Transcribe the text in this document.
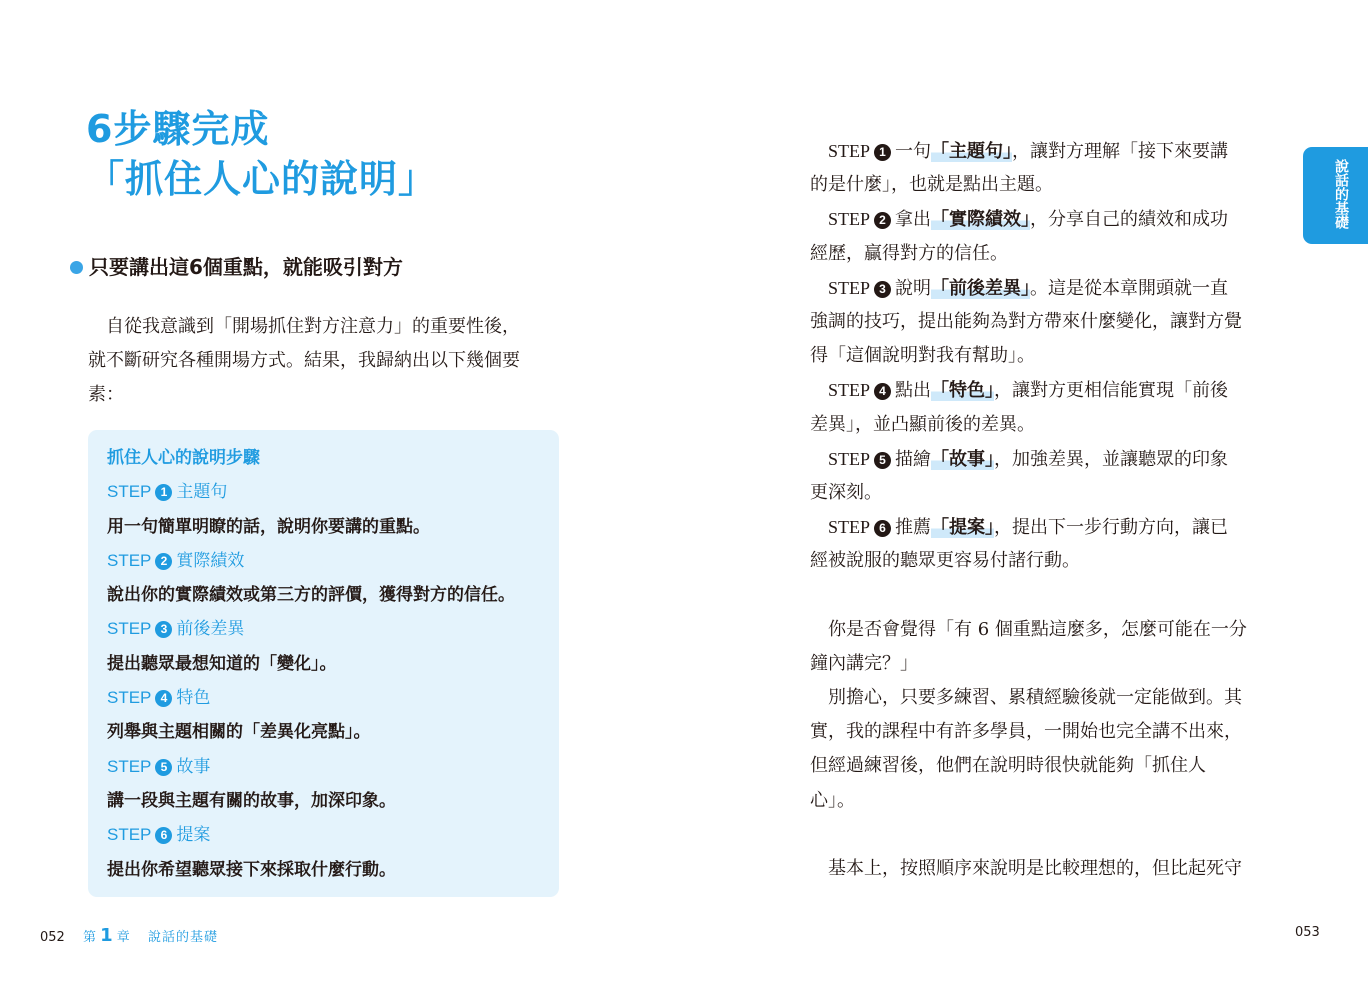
6步驟完成
「抓住人心的說明」
只要講出這6個重點，就能吸引對方
　自從我意識到「開場抓住對方注意力」的重要性後，
就不斷研究各種開場方式。結果，我歸納出以下幾個要
素：
抓住人心的說明步驟
STEP 1 主題句
用一句簡單明瞭的話，說明你要講的重點。
STEP 2 實際績效
說出你的實際績效或第三方的評價，獲得對方的信任。
STEP 3 前後差異
提出聽眾最想知道的「變化」。
STEP 4 特色
列舉與主題相關的「差異化亮點」。
STEP 5 故事
講一段與主題有關的故事，加深印象。
STEP 6 提案
提出你希望聽眾接下來採取什麼行動。
052 第 1 章 說話的基礎
　STEP 1 一句「主題句」，讓對方理解「接下來要講
的是什麼」，也就是點出主題。
　STEP 2 拿出「實際績效」，分享自己的績效和成功
經歷，贏得對方的信任。
　STEP 3 說明「前後差異」。這是從本章開頭就一直
強調的技巧，提出能夠為對方帶來什麼變化，讓對方覺
得「這個說明對我有幫助」。
　STEP 4 點出「特色」，讓對方更相信能實現「前後
差異」，並凸顯前後的差異。
　STEP 5 描繪「故事」，加強差異，並讓聽眾的印象
更深刻。
　STEP 6 推薦「提案」，提出下一步行動方向，讓已
經被說服的聽眾更容易付諸行動。
　你是否會覺得「有 6 個重點這麼多，怎麼可能在一分
鐘內講完？」
　別擔心，只要多練習、累積經驗後就一定能做到。其
實，我的課程中有許多學員，一開始也完全講不出來，
但經過練習後，他們在說明時很快就能夠「抓住人
心」。
　基本上，按照順序來說明是比較理想的，但比起死守
說話的基礎
053
